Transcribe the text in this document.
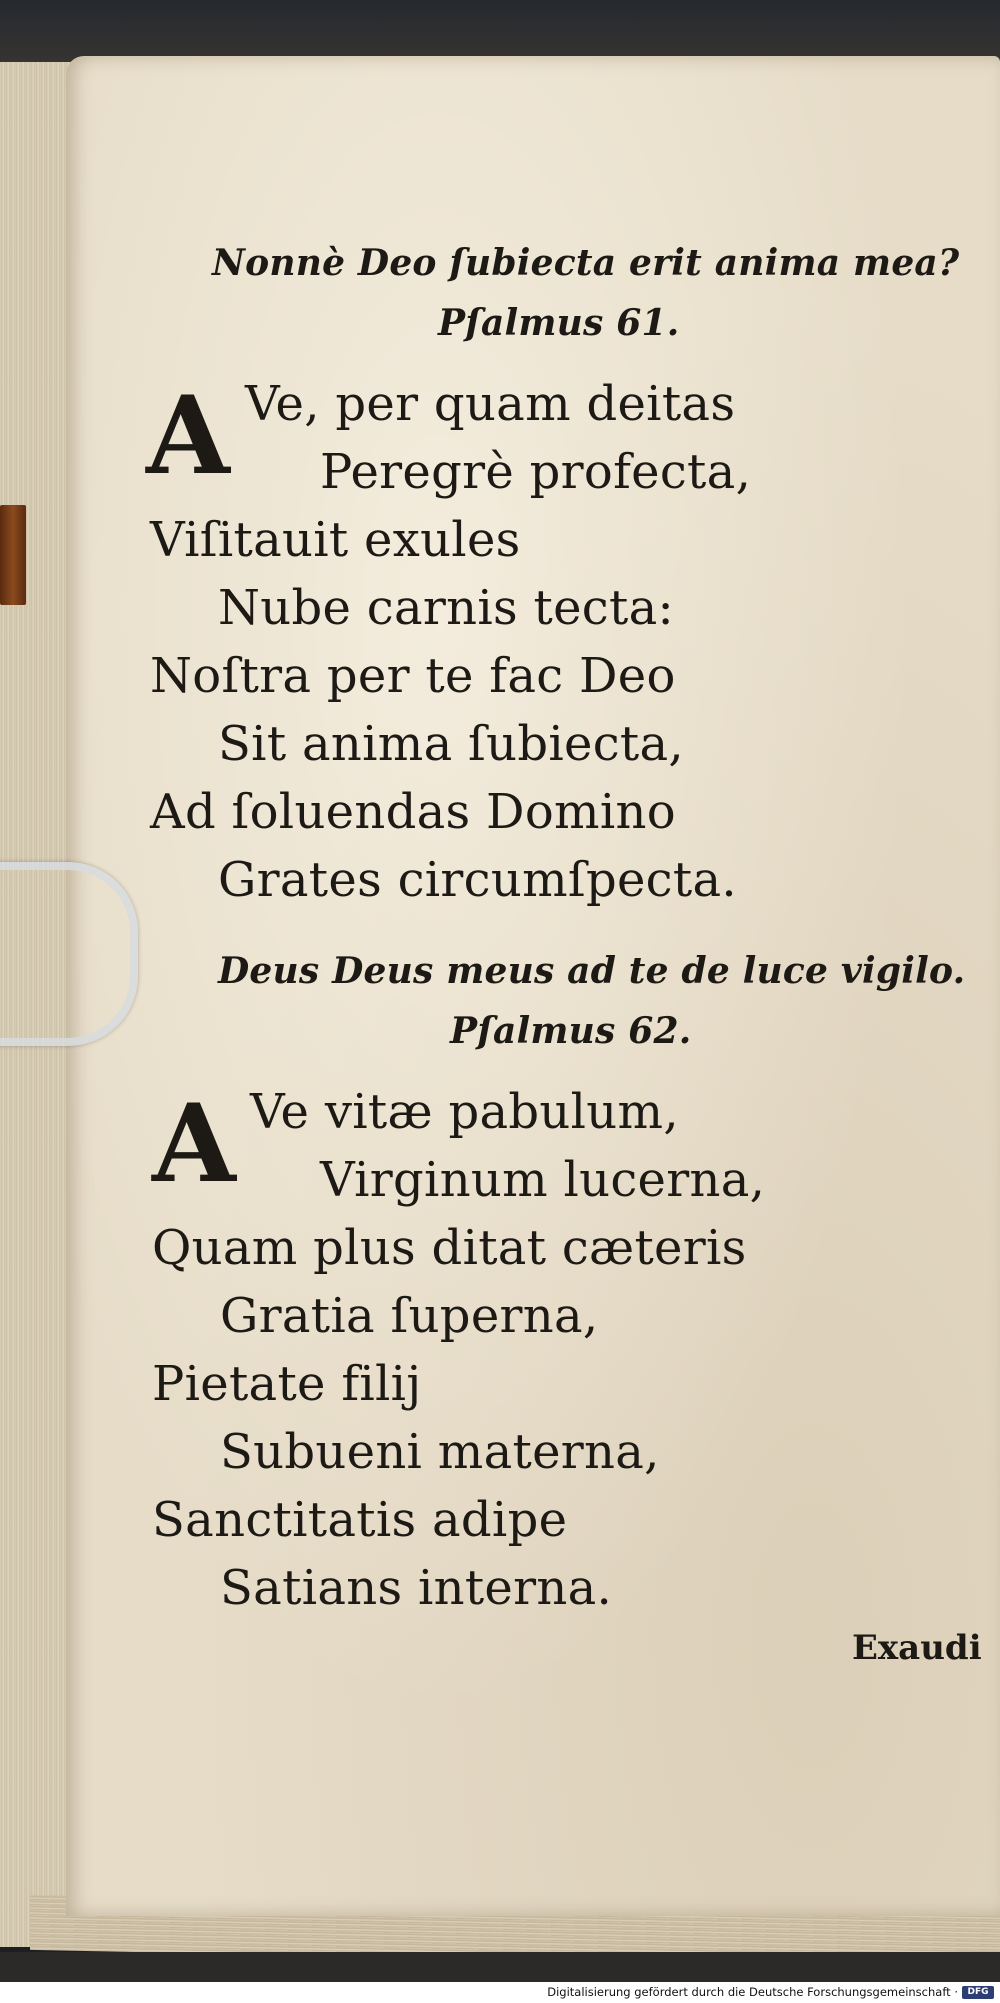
Nonnè Deo ſubiecta erit anima mea?
Pſalmus 61.
A Ve, per quam deitas
Peregrè profecta,
Viſitauit exules
Nube carnis tecta:
Noſtra per te fac Deo
Sit anima ſubiecta,
Ad ſoluendas Domino
Grates circumſpecta.
Deus Deus meus ad te de luce vigilo.
Pſalmus 62.
A Ve vitæ pabulum,
Virginum lucerna,
Quam plus ditat cæteris
Gratia ſuperna,
Pietate filij
Subueni materna,
Sanctitatis adipe
Satians interna.
Exaudi
Digitalisierung gefördert durch die Deutsche Forschungsgemeinschaft ·	DFG
